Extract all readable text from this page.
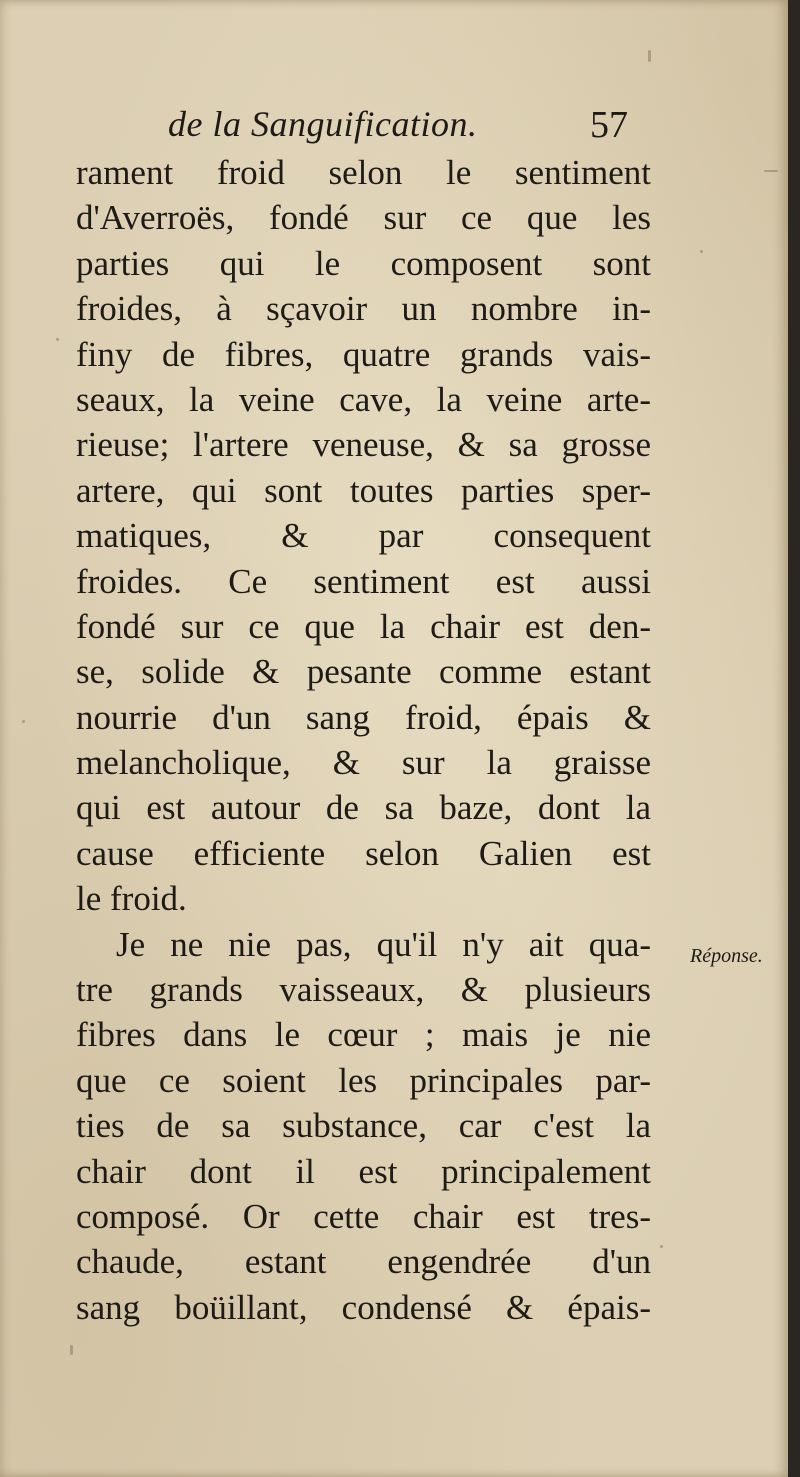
de la Sanguification.	57
rament froid selon le sentiment
d'Averroës, fondé sur ce que les
parties qui le composent sont
froides, à sçavoir un nombre in-
finy de fibres, quatre grands vais-
seaux, la veine cave, la veine arte-
rieuse; l'artere veneuse, & sa grosse
artere, qui sont toutes parties sper-
matiques, & par consequent
froides. Ce sentiment est aussi
fondé sur ce que la chair est den-
se, solide & pesante comme estant
nourrie d'un sang froid, épais &
melancholique, & sur la graisse
qui est autour de sa baze, dont la
cause efficiente selon Galien est
le froid.
Je ne nie pas, qu'il n'y ait qua-
tre grands vaisseaux, & plusieurs
fibres dans le cœur ; mais je nie
que ce soient les principales par-
ties de sa substance, car c'est la
chair dont il est principalement
composé. Or cette chair est tres-
chaude, estant engendrée d'un
sang boüillant, condensé & épais-
Réponse.
